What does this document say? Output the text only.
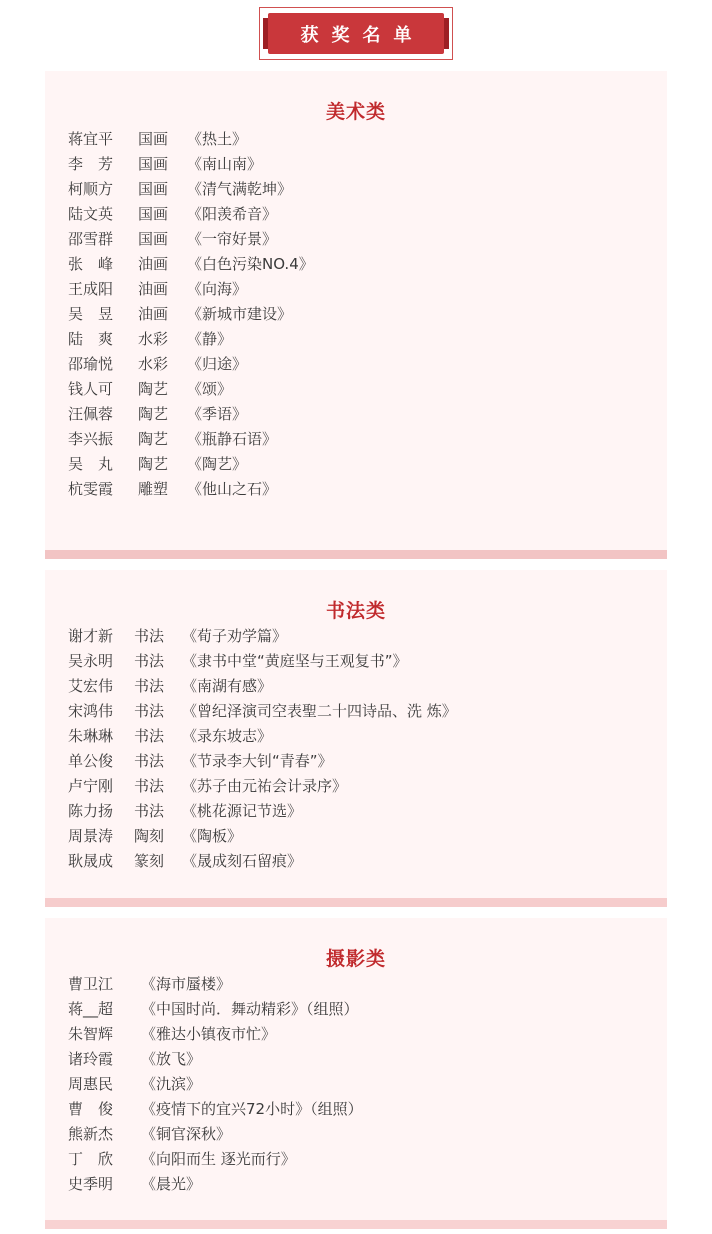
获奖名单
美术类
蒋宜平	国画	《热土》
李　芳	国画	《南山南》
柯顺方	国画	《清气满乾坤》
陆文英	国画	《阳羡希音》
邵雪群	国画	《一帘好景》
张　峰	油画	《白色污染NO.4》
王成阳	油画	《向海》
吴　昱	油画	《新城市建设》
陆　爽	水彩	《静》
邵瑜悦	水彩	《归途》
钱人可	陶艺	《颂》
汪佩蓉	陶艺	《季语》
李兴振	陶艺	《瓶静石语》
吴　丸	陶艺	《陶艺》
杭雯霞	雕塑	《他山之石》
书法类
谢才新	书法	《荀子劝学篇》
吴永明	书法	《隶书中堂“黄庭坚与王观复书”》
艾宏伟	书法	《南湖有感》
宋鸿伟	书法	《曾纪泽演司空表聖二十四诗品、洗 炼》
朱琳琳	书法	《录东坡志》
单公俊	书法	《节录李大钊“青春”》
卢宁刚	书法	《苏子由元祐会计录序》
陈力扬	书法	《桃花源记节选》
周景涛	陶刻	《陶板》
耿晟成	篆刻	《晟成刻石留痕》
摄影类
曹卫江	《海市蜃楼》
蒋__超	《中国时尚．舞动精彩》（组照）
朱智辉	《雅达小镇夜市忙》
诸玲霞	《放飞》
周惠民	《氿滨》
曹　俊	《疫情下的宜兴72小时》（组照）
熊新杰	《铜官深秋》
丁　欣	《向阳而生 逐光而行》
史季明	《晨光》
